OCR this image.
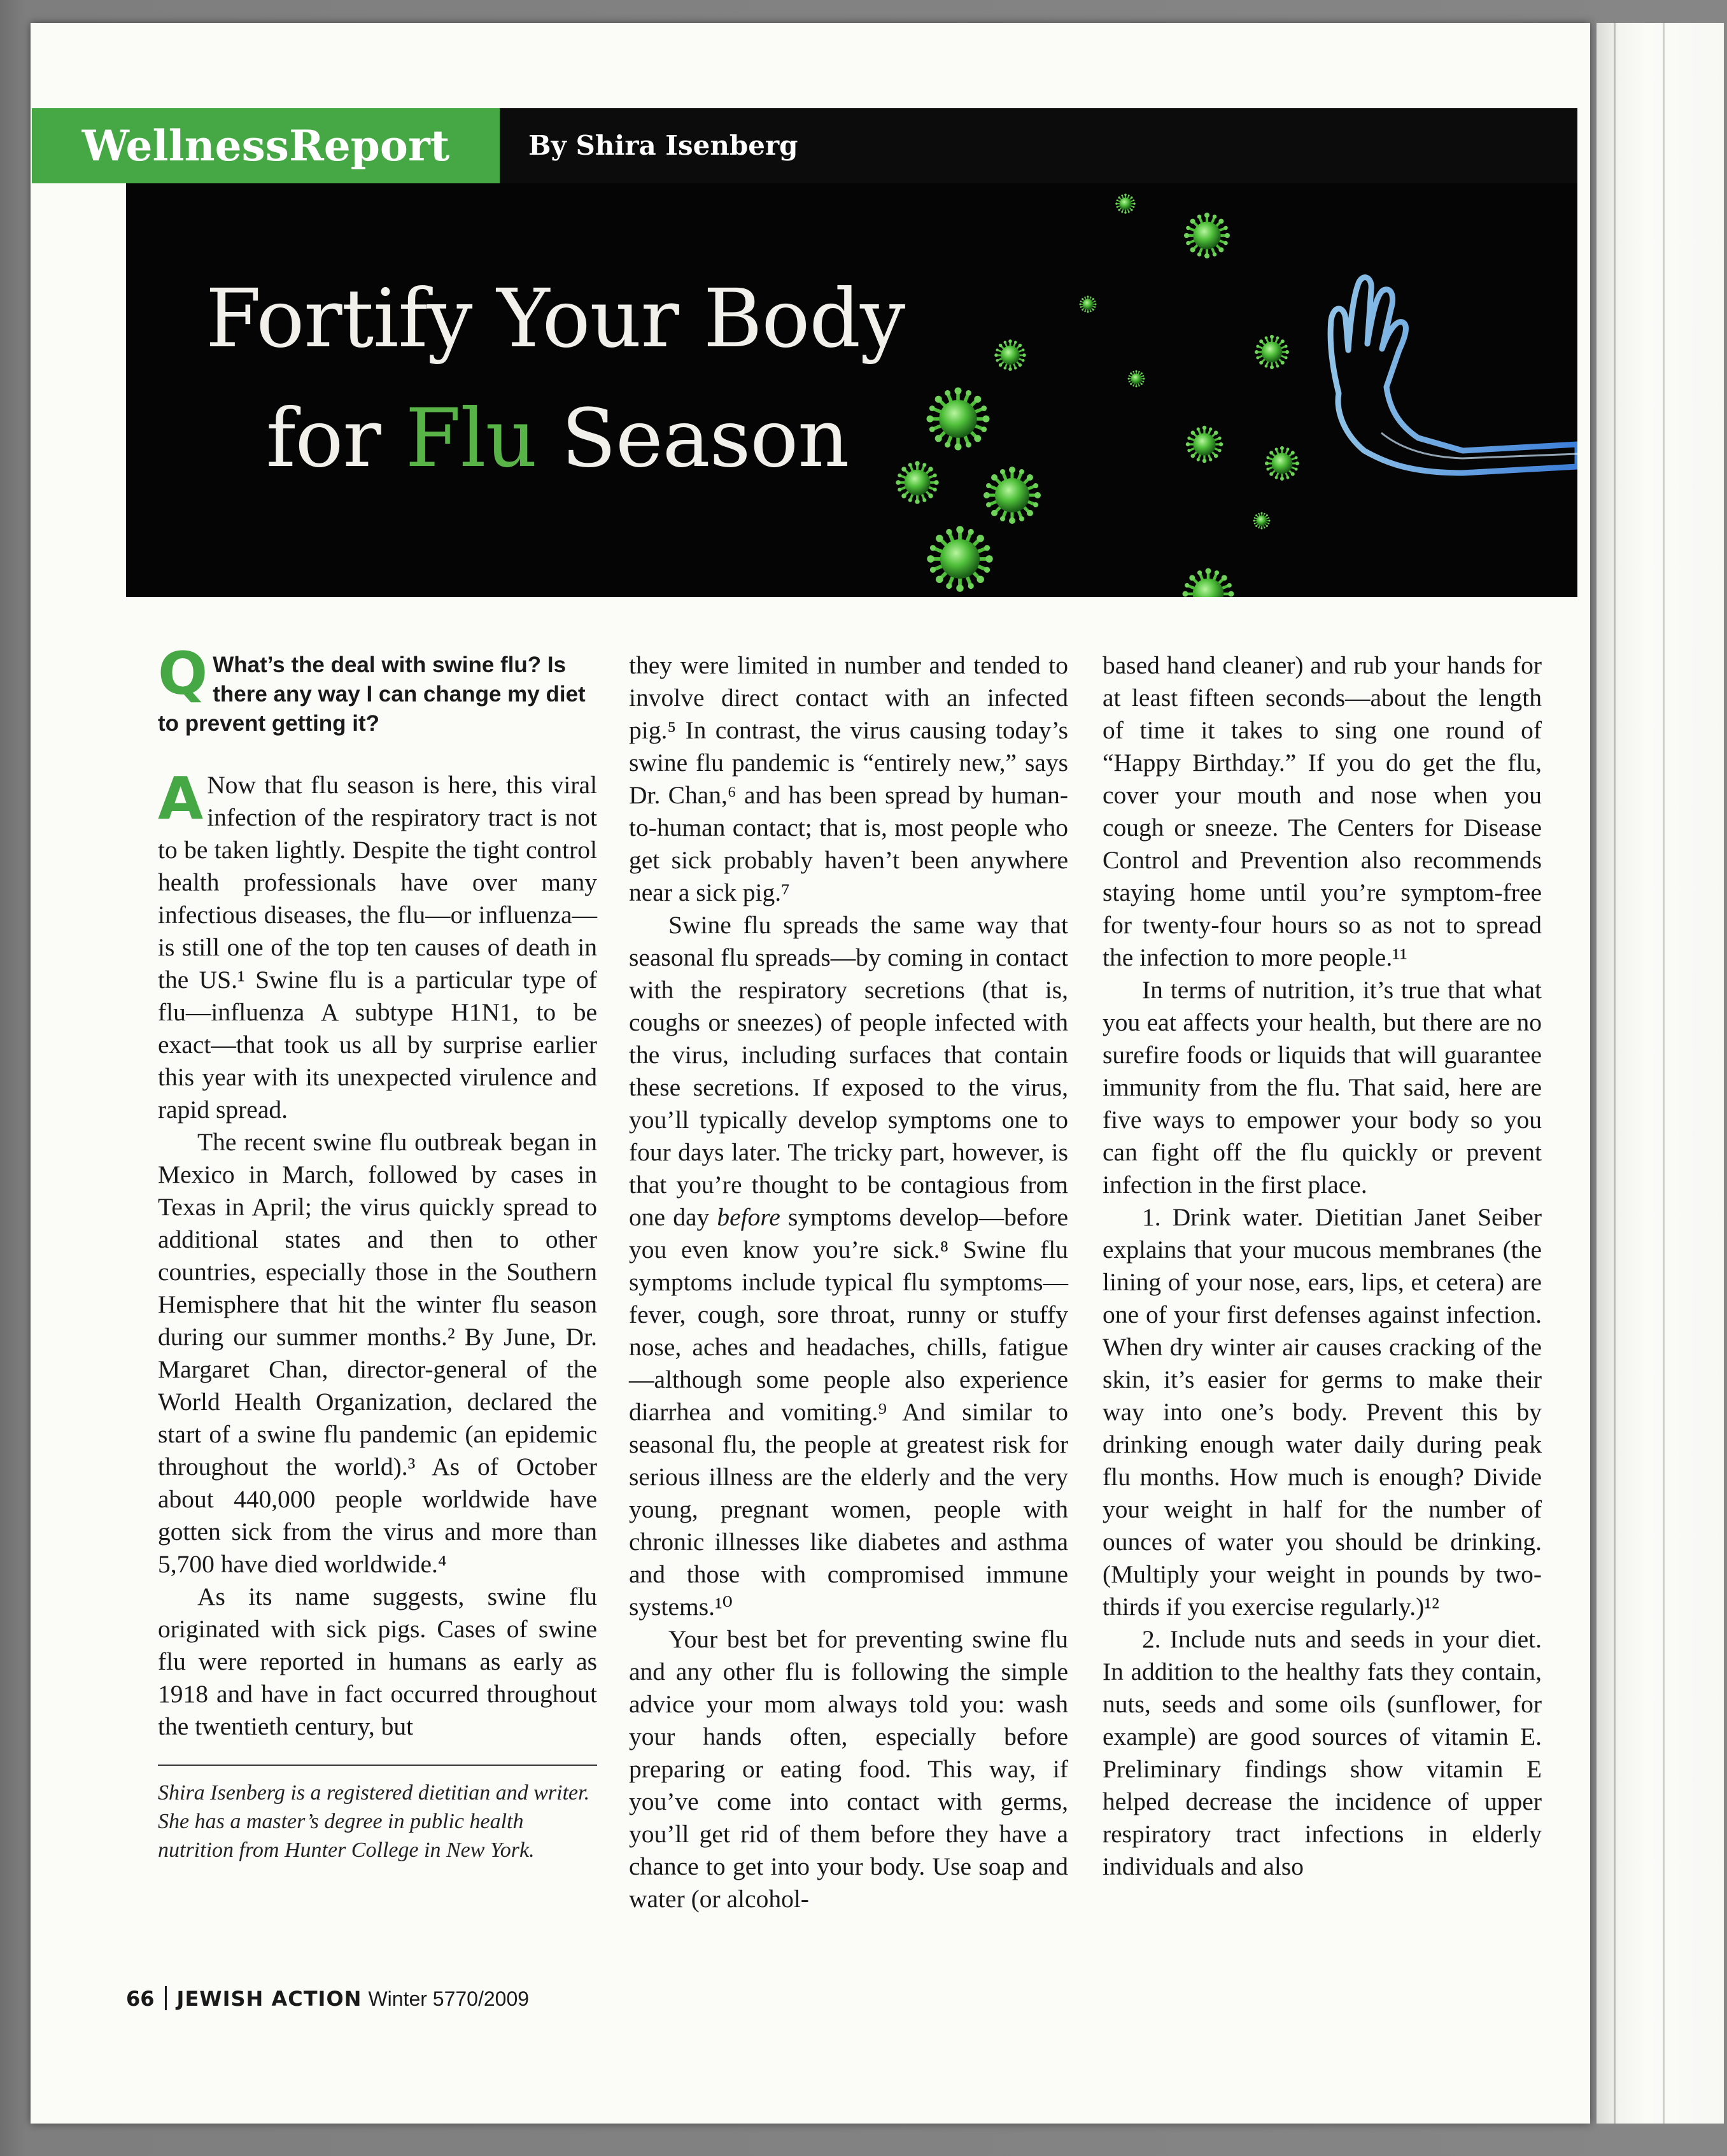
WellnessReport	By Shira Isenberg
Fortify Your Body
for Flu Season
Q What’s the deal with swine flu? Is there any way I can change my diet to prevent getting it?

A Now that flu season is here, this viral infection of the respiratory tract is not to be taken lightly. Despite the tight control health professionals have over many infectious diseases, the flu—or influenza—is still one of the top ten causes of death in the US.¹ Swine flu is a particular type of flu—influenza A subtype H1N1, to be exact—that took us all by surprise earlier this year with its unexpected virulence and rapid spread.

The recent swine flu outbreak began in Mexico in March, followed by cases in Texas in April; the virus quickly spread to additional states and then to other countries, especially those in the Southern Hemisphere that hit the winter flu season during our summer months.² By June, Dr. Margaret Chan, director-general of the World Health Organization, declared the start of a swine flu pandemic (an epidemic throughout the world).³ As of October about 440,000 people worldwide have gotten sick from the virus and more than 5,700 have died worldwide.⁴

As its name suggests, swine flu originated with sick pigs. Cases of swine flu were reported in humans as early as 1918 and have in fact occurred throughout the twentieth century, but

Shira Isenberg is a registered dietitian and writer. She has a master’s degree in public health nutrition from Hunter College in New York.

they were limited in number and tended to involve direct contact with an infected pig.⁵ In contrast, the virus causing today’s swine flu pandemic is “entirely new,” says Dr. Chan,⁶ and has been spread by human-to-human contact; that is, most people who get sick probably haven’t been anywhere near a sick pig.⁷

Swine flu spreads the same way that seasonal flu spreads—by coming in contact with the respiratory secretions (that is, coughs or sneezes) of people infected with the virus, including surfaces that contain these secretions. If exposed to the virus, you’ll typically develop symptoms one to four days later. The tricky part, however, is that you’re thought to be contagious from one day before symptoms develop—before you even know you’re sick.⁸ Swine flu symptoms include typical flu symptoms—fever, cough, sore throat, runny or stuffy nose, aches and headaches, chills, fatigue—although some people also experience diarrhea and vomiting.⁹ And similar to seasonal flu, the people at greatest risk for serious illness are the elderly and the very young, pregnant women, people with chronic illnesses like diabetes and asthma and those with compromised immune systems.¹⁰

Your best bet for preventing swine flu and any other flu is following the simple advice your mom always told you: wash your hands often, especially before preparing or eating food. This way, if you’ve come into contact with germs, you’ll get rid of them before they have a chance to get into your body. Use soap and water (or alcohol-

based hand cleaner) and rub your hands for at least fifteen seconds—about the length of time it takes to sing one round of “Happy Birthday.” If you do get the flu, cover your mouth and nose when you cough or sneeze. The Centers for Disease Control and Prevention also recommends staying home until you’re symptom-free for twenty-four hours so as not to spread the infection to more people.¹¹

In terms of nutrition, it’s true that what you eat affects your health, but there are no surefire foods or liquids that will guarantee immunity from the flu. That said, here are five ways to empower your body so you can fight off the flu quickly or prevent infection in the first place.

1. Drink water. Dietitian Janet Seiber explains that your mucous membranes (the lining of your nose, ears, lips, et cetera) are one of your first defenses against infection. When dry winter air causes cracking of the skin, it’s easier for germs to make their way into one’s body. Prevent this by drinking enough water daily during peak flu months. How much is enough? Divide your weight in half for the number of ounces of water you should be drinking. (Multiply your weight in pounds by two-thirds if you exercise regularly.)¹²

2. Include nuts and seeds in your diet. In addition to the healthy fats they contain, nuts, seeds and some oils (sunflower, for example) are good sources of vitamin E. Preliminary findings show vitamin E helped decrease the incidence of upper respiratory tract infections in elderly individuals and also

66 JEWISH ACTION Winter 5770/2009
